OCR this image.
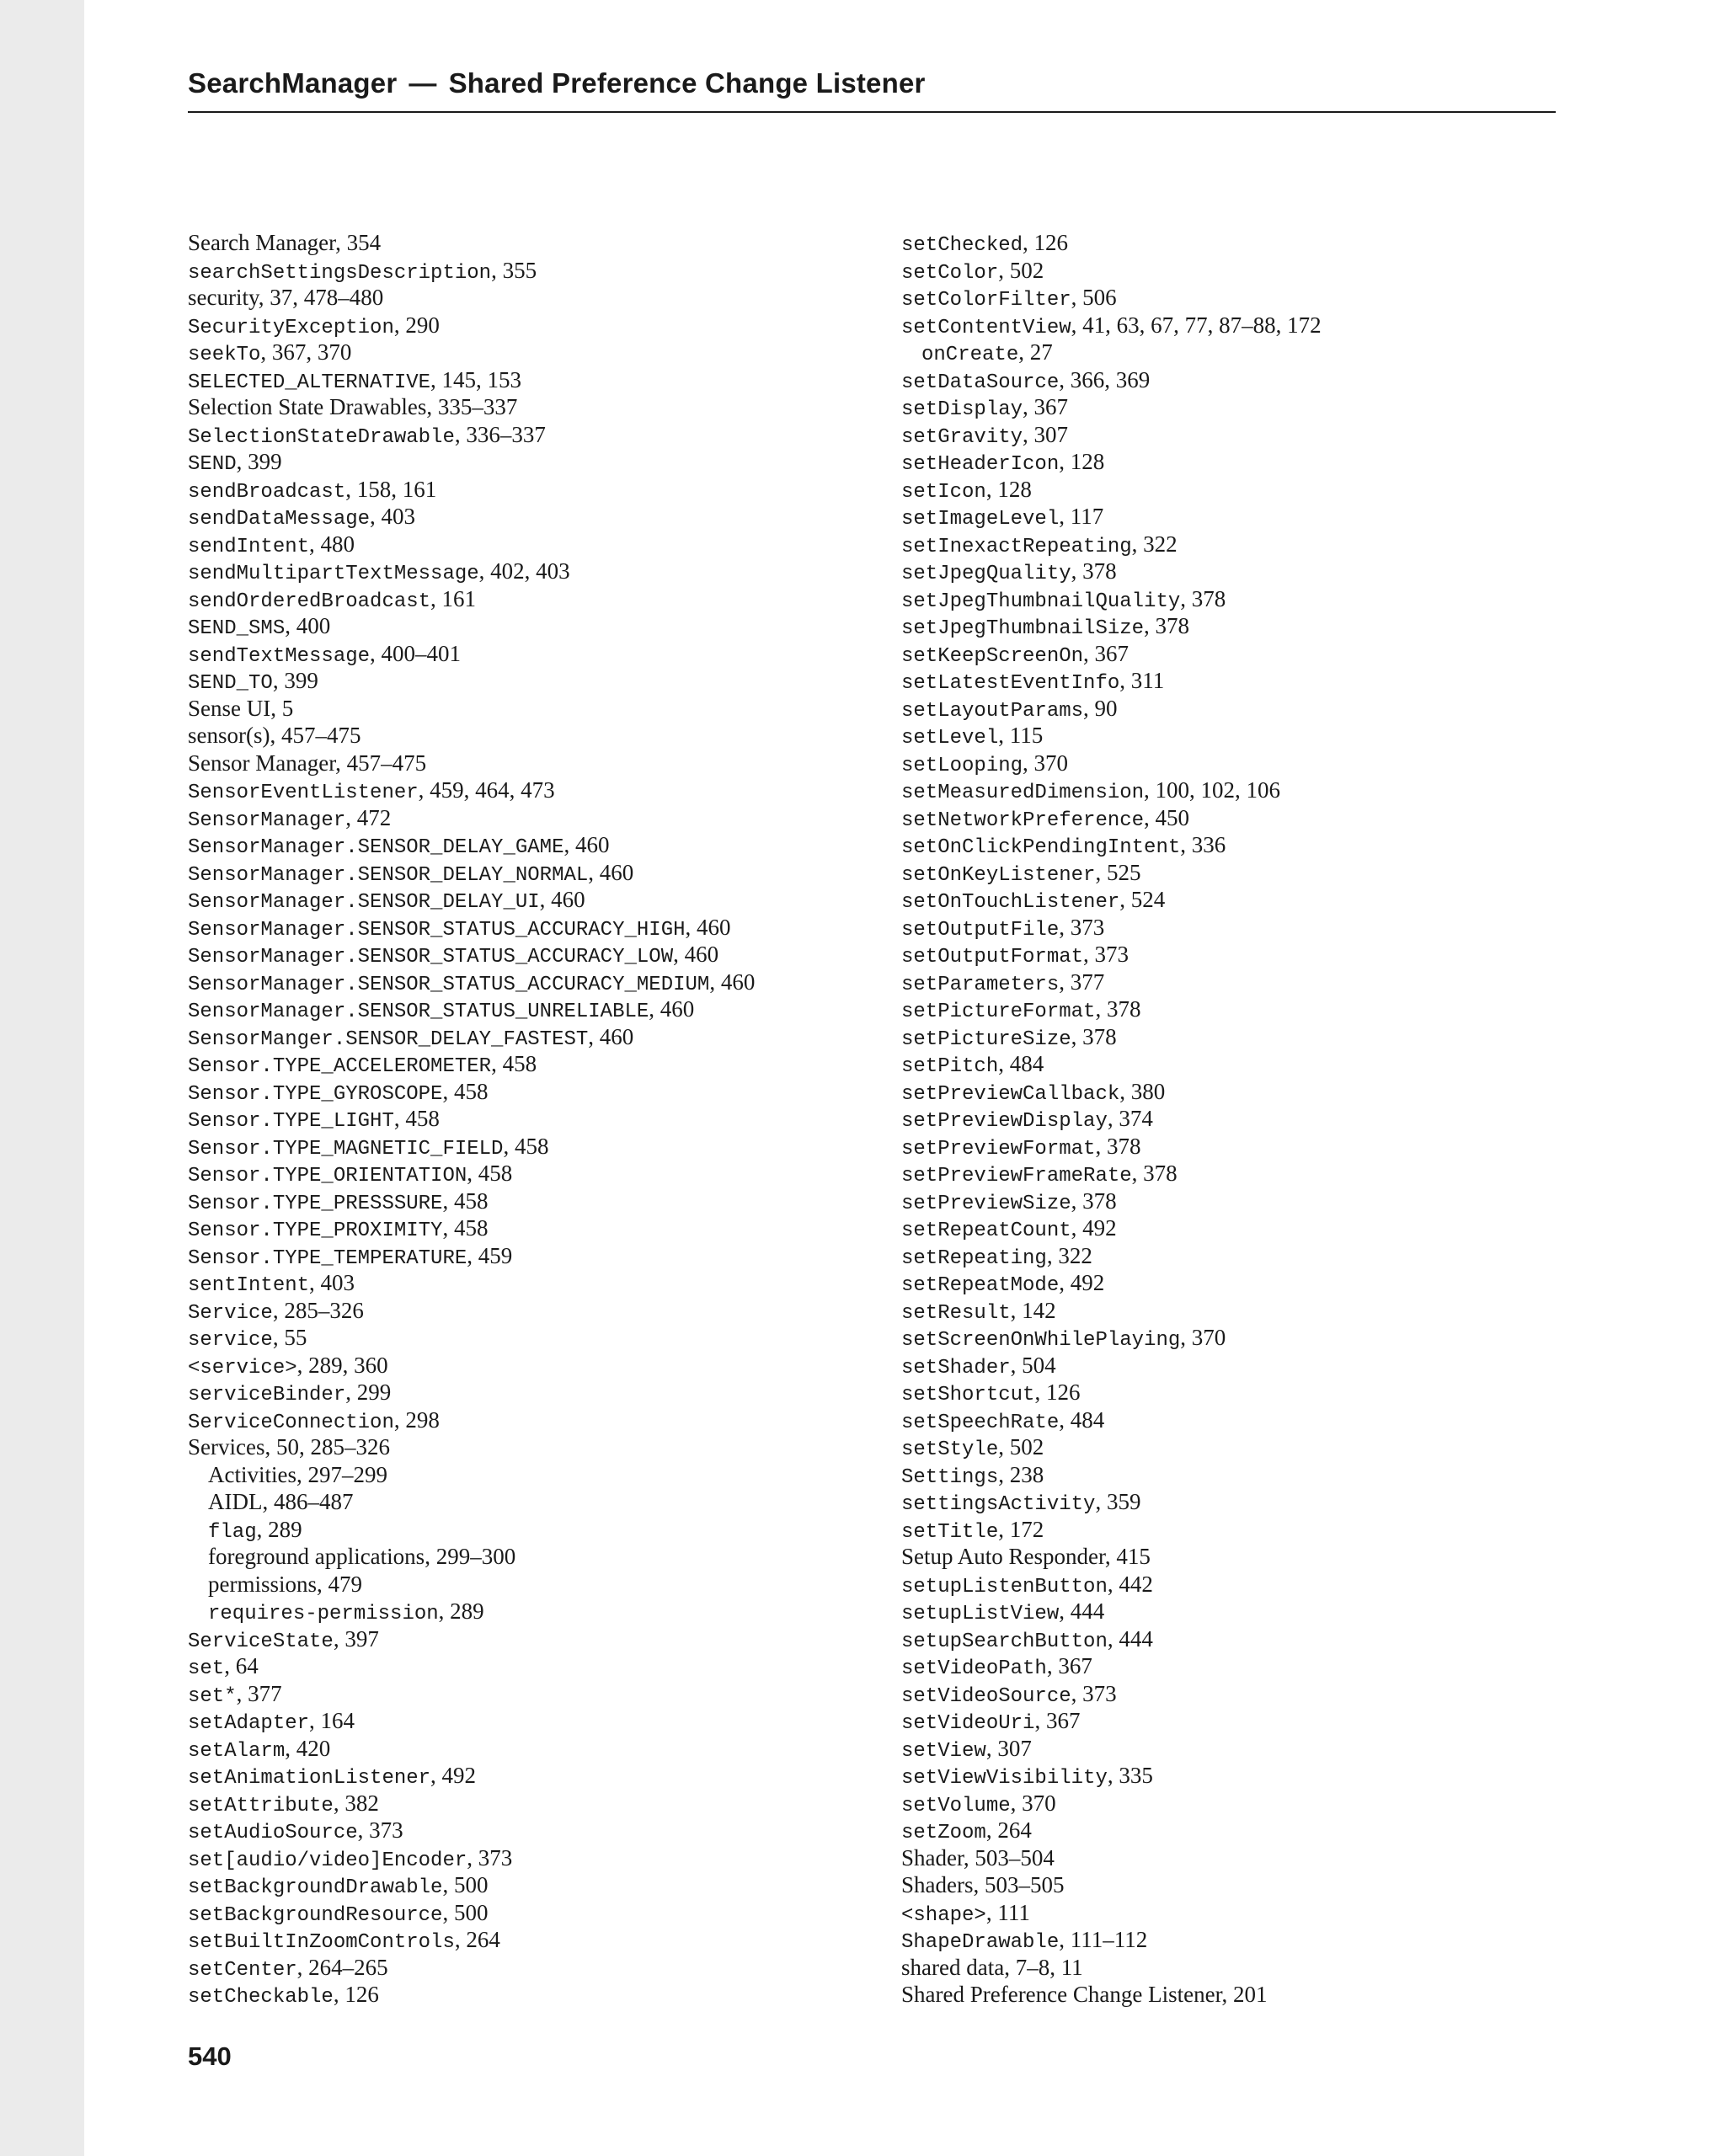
SearchManager — Shared Preference Change Listener
Search Manager, 354
searchSettingsDescription, 355
security, 37, 478–480
SecurityException, 290
seekTo, 367, 370
SELECTED_ALTERNATIVE, 145, 153
Selection State Drawables, 335–337
SelectionStateDrawable, 336–337
SEND, 399
sendBroadcast, 158, 161
sendDataMessage, 403
sendIntent, 480
sendMultipartTextMessage, 402, 403
sendOrderedBroadcast, 161
SEND_SMS, 400
sendTextMessage, 400–401
SEND_TO, 399
Sense UI, 5
sensor(s), 457–475
Sensor Manager, 457–475
SensorEventListener, 459, 464, 473
SensorManager, 472
SensorManager.SENSOR_DELAY_GAME, 460
SensorManager.SENSOR_DELAY_NORMAL, 460
SensorManager.SENSOR_DELAY_UI, 460
SensorManager.SENSOR_STATUS_ACCURACY_HIGH, 460
SensorManager.SENSOR_STATUS_ACCURACY_LOW, 460
SensorManager.SENSOR_STATUS_ACCURACY_MEDIUM, 460
SensorManager.SENSOR_STATUS_UNRELIABLE, 460
SensorManger.SENSOR_DELAY_FASTEST, 460
Sensor.TYPE_ACCELEROMETER, 458
Sensor.TYPE_GYROSCOPE, 458
Sensor.TYPE_LIGHT, 458
Sensor.TYPE_MAGNETIC_FIELD, 458
Sensor.TYPE_ORIENTATION, 458
Sensor.TYPE_PRESSSURE, 458
Sensor.TYPE_PROXIMITY, 458
Sensor.TYPE_TEMPERATURE, 459
sentIntent, 403
Service, 285–326
service, 55
<service>, 289, 360
serviceBinder, 299
ServiceConnection, 298
Services, 50, 285–326
Activities, 297–299
AIDL, 486–487
flag, 289
foreground applications, 299–300
permissions, 479
requires-permission, 289
ServiceState, 397
set, 64
set*, 377
setAdapter, 164
setAlarm, 420
setAnimationListener, 492
setAttribute, 382
setAudioSource, 373
set[audio/video]Encoder, 373
setBackgroundDrawable, 500
setBackgroundResource, 500
setBuiltInZoomControls, 264
setCenter, 264–265
setCheckable, 126
setChecked, 126
setColor, 502
setColorFilter, 506
setContentView, 41, 63, 67, 77, 87–88, 172
onCreate, 27
setDataSource, 366, 369
setDisplay, 367
setGravity, 307
setHeaderIcon, 128
setIcon, 128
setImageLevel, 117
setInexactRepeating, 322
setJpegQuality, 378
setJpegThumbnailQuality, 378
setJpegThumbnailSize, 378
setKeepScreenOn, 367
setLatestEventInfo, 311
setLayoutParams, 90
setLevel, 115
setLooping, 370
setMeasuredDimension, 100, 102, 106
setNetworkPreference, 450
setOnClickPendingIntent, 336
setOnKeyListener, 525
setOnTouchListener, 524
setOutputFile, 373
setOutputFormat, 373
setParameters, 377
setPictureFormat, 378
setPictureSize, 378
setPitch, 484
setPreviewCallback, 380
setPreviewDisplay, 374
setPreviewFormat, 378
setPreviewFrameRate, 378
setPreviewSize, 378
setRepeatCount, 492
setRepeating, 322
setRepeatMode, 492
setResult, 142
setScreenOnWhilePlaying, 370
setShader, 504
setShortcut, 126
setSpeechRate, 484
setStyle, 502
Settings, 238
settingsActivity, 359
setTitle, 172
Setup Auto Responder, 415
setupListenButton, 442
setupListView, 444
setupSearchButton, 444
setVideoPath, 367
setVideoSource, 373
setVideoUri, 367
setView, 307
setViewVisibility, 335
setVolume, 370
setZoom, 264
Shader, 503–504
Shaders, 503–505
<shape>, 111
ShapeDrawable, 111–112
shared data, 7–8, 11
Shared Preference Change Listener, 201
540
